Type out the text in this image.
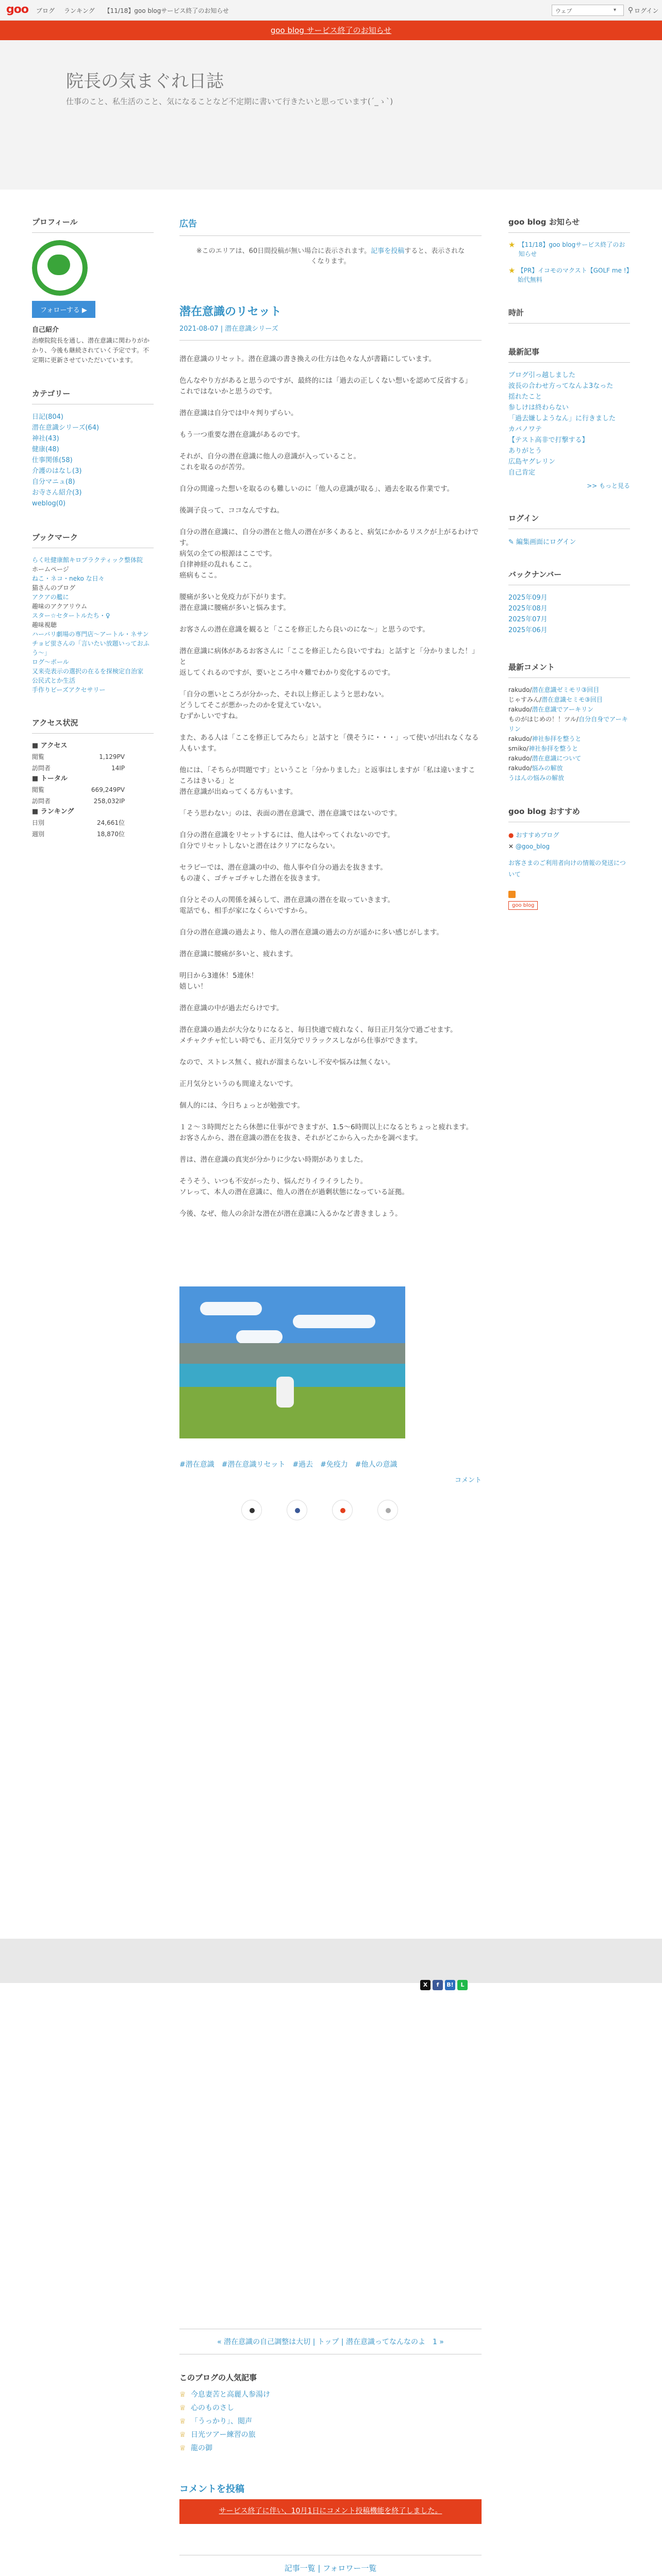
goo	ブログ ランキング 【11/18】goo blogサービス終了のお知らせ	ウェブ	▾	⚲ ログイン
goo blog サービス終了のお知らせ
院長の気まぐれ日誌
仕事のこと、私生活のこと、気になることなど不定期に書いて行きたいと思っています(´_ゝ`)
プロフィール
フォローする ▶
自己紹介
治療院院長を通し、潜在意識に関わりがかかり、今後も継続されていく予定です。不定期に更新させていただいています。
カテゴリー
日記(804)
潜在意識シリーズ(64)
神社(43)
健康(48)
仕事関係(58)
介護のはなし(3)
自分マニュ(8)
お寺さん紹介(3)
weblog(0)
ブックマーク
らく吐健康館キロプラクティック整体院
ホームページ
ねこ・ネコ・neko な日々
猫さんのブログ
アクアの艦に
趣味のアクアリウム
スター☆セタートルたち・♀
趣味視聴
ハーバリ劇場の専門店〜アートル・ネサン
チョビ蛍さんの「言いたい放題いっておふう〜」
ログ〜ポール
又来売表示の選択の在るを探検定自治家
公民式とか生活
手作りビーズアクセサリー
アクセス状況
■ アクセス
閲覧	1,129PV
訪問者	14IP
■ トータル
閲覧	669,249PV
訪問者	258,032IP
■ ランキング
日別	24,661位
週別	18,870位
広告
※このエリアは、60日間投稿が無い場合に表示されます。記事を投稿すると、表示されなくなります。
潜在意識のリセット
2021-08-07 | 潜在意識シリーズ
潜在意識のリセット。潜在意識の書き換えの仕方は色々な人が書籍にしています。
色んなやり方があると思うのですが、最終的には「過去の正しくない想いを認めて反省する」
これではないかと思うのです。
潜在意識は自分では中々判りずらい。
もう一つ重要な潜在意識があるのです。
それが、自分の潜在意識に他人の意識が入っていること。
これを取るのが苦労。
自分の間違った想いを取るのも難しいのに「他人の意識が取る」、過去を取る作業です。
後調子良って、ココなんですね。
自分の潜在意識に、自分の潜在と他人の潜在が多くあると、病気にかかるリスクが上がるわけです。
病気の全ての根源はここです。
自律神経の乱れもここ。
癌病もここ。
腰痛が多いと免疫力が下がります。
潜在意識に腰痛が多いと悩みます。
お客さんの潜在意識を観ると「ここを修正したら良いのにな〜」と思うのです。
潜在意識に病体があるお客さんに「ここを修正したら良いですね」と話すと「分かりました！」と
返してくれるのですが、要いところ中々難でわかり変化するのです。
「自分の悪いところが分かった、それ以上修正しようと思わない。
どうしてそこが悪かったのかを覚えていない。
むずかしいですね。
また、ある人は「ここを修正してみたら」と話すと「僕そうに・・・」って使いが出れなくなる人もいます。
他には、「そちらが問題です」ということ「分かりました」と返事はしますが「私は違いますこころはきいる」と
潜在意識が出ぬってくる方もいます。
「そう思わない」のは、表面の潜在意識で、潜在意識ではないのです。
自分の潜在意識をリセットするには、他人はやってくれないのです。
自分でリセットしないと潜在はクリアにならない。
セラピーでは、潜在意識の中の、他人事や自分の過去を抜きます。
もの凄く、ゴチャゴチャした潜在を抜きます。
自分とその人の関係を減らして、潜在意識の潜在を取っていきます。
電話でも、相手が家になくらいですから。
自分の潜在意識の過去より、他人の潜在意識の過去の方が遥かに多い感じがします。
潜在意識に腰痛が多いと、疲れます。
明日から3連休！5連休！
嬉しい！
潜在意識の中が過去だらけです。
潜在意識の過去が大分なりになると、毎日快適で疲れなく、毎日正月気分で過ごせます。
メチャクチャ忙しい時でも、正月気分でリラックスしながら仕事ができます。
なので、ストレス無く、疲れが溜まらないし不安や悩みは無くない。
正月気分というのも間違えないです。
個人的には、今日ちょっとが勉強です。
１２〜３時間だとたら休憩に仕事ができますが、1.5〜6時間以上になるとちょっと疲れます。
お客さんから、潜在意識の潜在を抜き、それがどこから入ったかを調べます。
普は、潜在意識の真実が分かりに少ない時期がありました。
そうそう、いつも不安がったり、悩んだりイライラしたり。
ソレって、本人の潜在意識に、他人の潜在が過剰状態になっている証拠。
今後、なぜ、他人の余計な潜在が潜在意識に入るかなど書きましょう。
#潜在意識 #潜在意識リセット #過去 #免疫力 #他人の意識
コメント
goo blog お知らせ
★ 【11/18】goo blogサービス終了のお知らせ
★ 【PR】イコモのマクスト【GOLF me !】始代無料
時計
最新記事
ブログ引っ越しました
波長の合わせ方ってなんよ3なった
揺れたこと
参しけは終わらない
「過去嫌しようなん」に行きました
カバノワテ
【テスト高非で打撃する】
ありがとう
広島ヤグレリン
自己肯定
>> もっと見る
ログイン
✎ 編集画面にログイン
バックナンバー
2025年09月
2025年08月
2025年07月
2025年06月
最新コメント
rakudo/潜在意識ゼミモリ③回目
じゃすみん/潜在意識セミモ③回目
rakudo/潜在意識でアーキリン
ものがはじめの！！ツル/自分自身でアーキリン
rakudo/神社参拝を整うと
smiko/神社参拝を整うと
rakudo/潜在意識について
rakudo/悩みの解放
うはんの悩みの解放
goo blog おすすめ
● おすすめブログ
✕ @goo_blog
お客さまのご利用者向けの情報の発送について
goo blog
X	f	B!	L
« 潜在意識の自己調整は大切 | トップ | 潜在意識ってなんなのよ　1 »
このブログの人気記事
♕ 今息妻苦と高麗人参湯け
♕ 心のものさし
♕ 「うっかり」、閲声
♕ 日光ツアー練習の旅
♕ 龍の御
コメントを投稿
サービス終了に伴い、10月1日にコメント投稿機能を終了しました。
記事一覧 | フォロワー一覧
